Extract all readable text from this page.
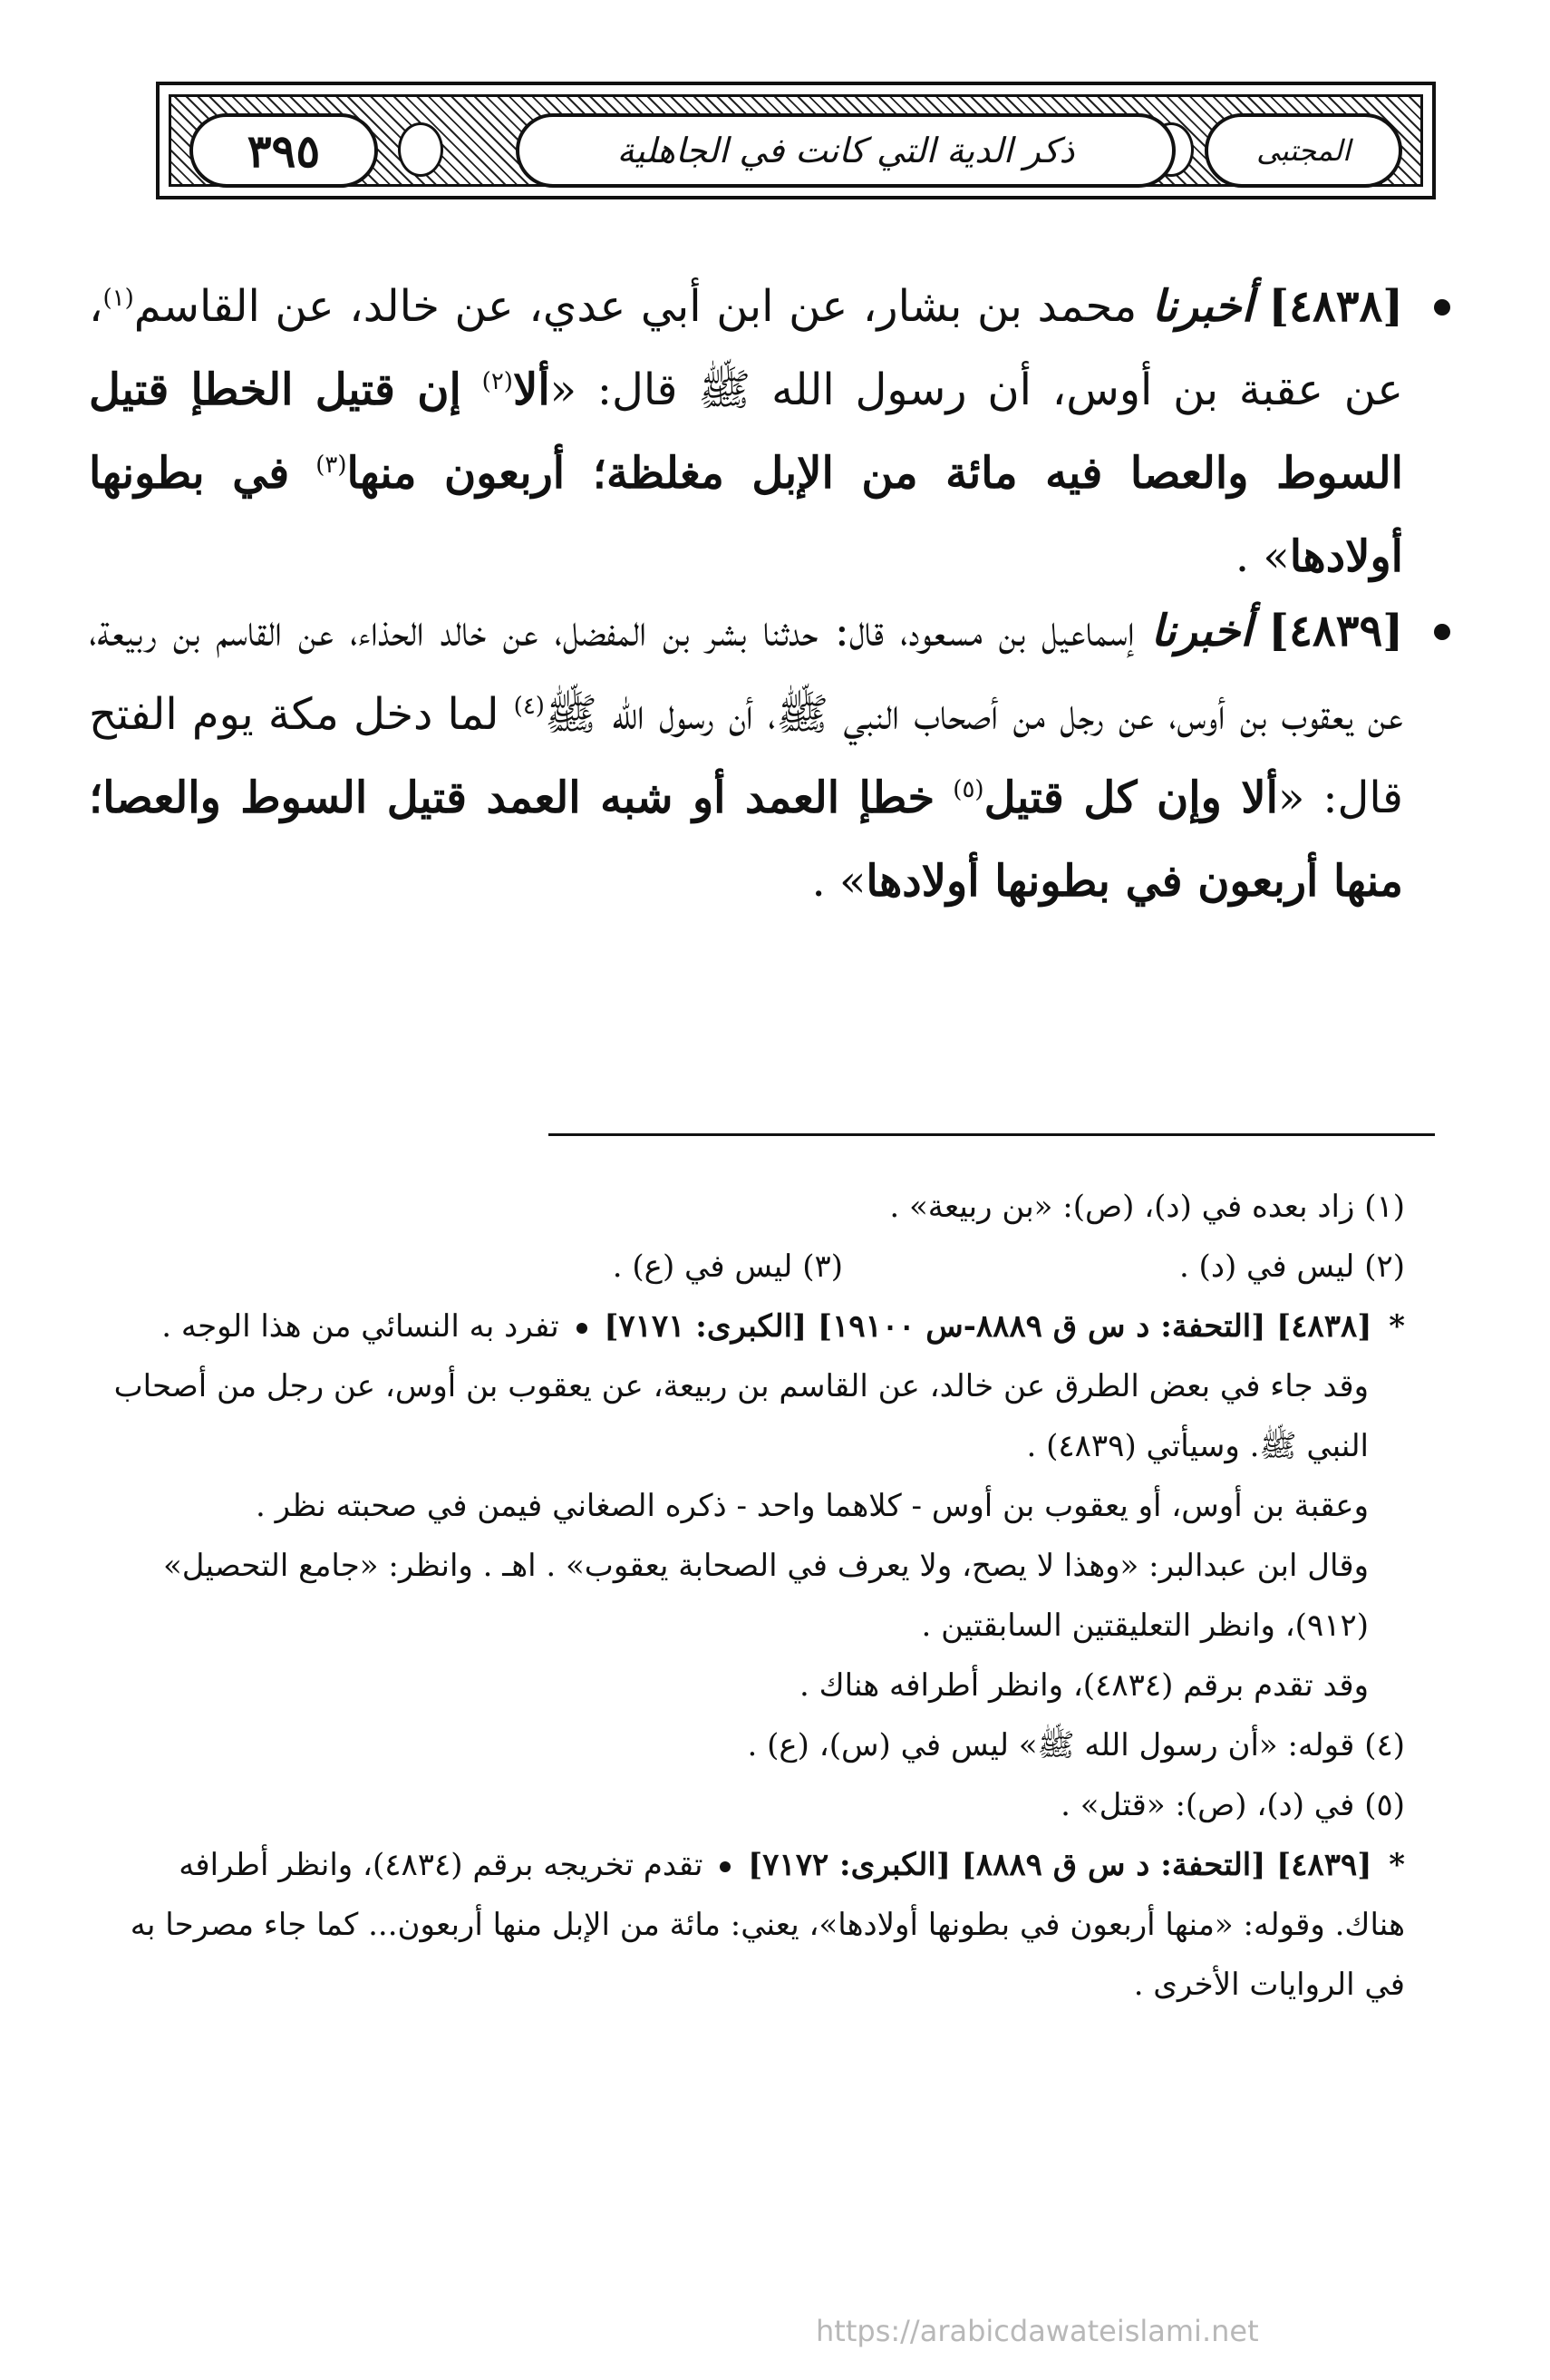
المجتبى
ذكر الدية التي كانت في الجاهلية
٣٩٥
[٤٨٣٨] أخبرنا محمد بن بشار، عن ابن أبي عدي، عن خالد، عن القاسم$^{(١)}$، عن عقبة بن أوس، أن رسول الله ﷺ قال: «ألا$^{(٢)}$ إن قتيل الخطإ قتيل السوط والعصا فيه مائة من الإبل مغلظة؛ أربعون منها$^{(٣)}$ في بطونها أولادها» .
[٤٨٣٩] أخبرنا إسماعيل بن مسعود، قال: حدثنا بشر بن المفضل، عن خالد الحذاء، عن القاسم بن ربيعة، عن يعقوب بن أوس، عن رجل من أصحاب النبي ﷺ، أن رسول الله ﷺ$^{(٤)}$ لما دخل مكة يوم الفتح قال: «ألا وإن كل قتيل$^{(٥)}$ خطإ العمد أو شبه العمد قتيل السوط والعصا؛ منها أربعون في بطونها أولادها» .
(١) زاد بعده في (د)، (ص): «بن ربيعة» .
(٢) ليس في (د) .
(٣) ليس في (ع) .
* [٤٨٣٨] [التحفة: د س ق ٨٨٨٩-س ١٩١٠٠] [الكبرى: ٧١٧١]  تفرد به النسائي من هذا الوجه .
وقد جاء في بعض الطرق عن خالد، عن القاسم بن ربيعة، عن يعقوب بن أوس، عن رجل من أصحاب النبي ﷺ. وسيأتي (٤٨٣٩) .
وعقبة بن أوس، أو يعقوب بن أوس - كلاهما واحد - ذكره الصغاني فيمن في صحبته نظر .
وقال ابن عبدالبر: «وهذا لا يصح، ولا يعرف في الصحابة يعقوب» . اهـ . وانظر: «جامع التحصيل» (٩١٢)، وانظر التعليقتين السابقتين .
وقد تقدم برقم (٤٨٣٤)، وانظر أطرافه هناك .
(٤) قوله: «أن رسول الله ﷺ» ليس في (س)، (ع) .
(٥) في (د)، (ص): «قتل» .
* [٤٨٣٩] [التحفة: د س ق ٨٨٨٩] [الكبرى: ٧١٧٢]  تقدم تخريجه برقم (٤٨٣٤)، وانظر أطرافه هناك. وقوله: «منها أربعون في بطونها أولادها»، يعني: مائة من الإبل منها أربعون... كما جاء مصرحا به في الروايات الأخرى .
https://arabicdawateislami.net
